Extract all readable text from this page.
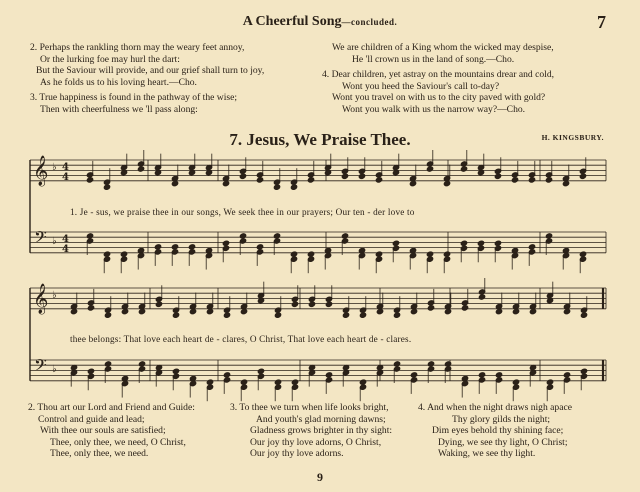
A Cheerful Song—concluded.	7
2. Perhaps the rankling thorn may the weary feet annoy,
Or the lurking foe may hurl the dart:
But the Saviour will provide, and our grief shall turn to joy,
As he folds us to his loving heart.—Cho.
3. True happiness is found in the pathway of the wise;
Then with cheerfulness we 'll pass along:
We are children of a King whom the wicked may despise,
He 'll crown us in the land of song.—Cho.
4. Dear children, yet astray on the mountains drear and cold,
Wont you heed the Saviour's call to-day?
Wont you travel on with us to the city paved with gold?
Wont you walk with us the narrow way?—Cho.
7. Jesus, We Praise Thee.	H. KINGSBURY.
𝄞
𝄢
4
4
4
4
♭
♭
𝄞
𝄢
♭
♭
1. Je - sus, we praise thee in our songs, We seek thee in our prayers; Our ten - der love to
thee belongs: That love each heart de - clares, O Christ, That love each heart de - clares.
2. Thou art our Lord and Friend and Guide:
Control and guide and lead;
With thee our souls are satisfied;
Thee, only thee, we need, O Christ,
Thee, only thee, we need.
3. To thee we turn when life looks bright,
And youth's glad morning dawns;
Gladness grows brighter in thy sight:
Our joy thy love adorns, O Christ,
Our joy thy love adorns.
4. And when the night draws nigh apace
Thy glory gilds the night;
Dim eyes behold thy shining face;
Dying, we see thy light, O Christ;
Waking, we see thy light.
9
